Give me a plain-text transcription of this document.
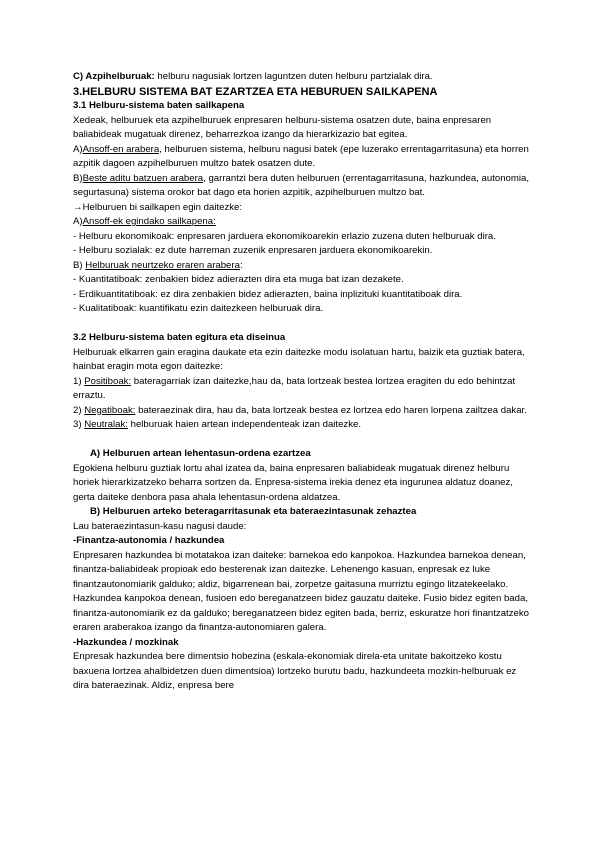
C) Azpihelburuak: helburu nagusiak lortzen laguntzen duten helburu partzialak dira.
3.HELBURU SISTEMA BAT EZARTZEA ETA HEBURUEN SAILKAPENA
3.1 Helburu-sistema baten sailkapena
Xedeak, helburuek eta azpihelburuek enpresaren helburu-sistema osatzen dute, baina enpresaren baliabideak mugatuak direnez, beharrezkoa izango da hierarkizazio bat egitea.
A)Ansoff-en arabera, helburuen sistema, helburu nagusi batek (epe luzerako errentagarritasuna) eta horren azpitik dagoen azpihelburuen multzo batek osatzen dute.
B)Beste aditu batzuen arabera, garrantzi bera duten helburuen (errentagarritasuna, hazkundea, autonomia, segurtasuna) sistema orokor bat dago eta horien azpitik, azpihelburuen multzo bat.
→Helburuen bi sailkapen egin daitezke:
A)Ansoff-ek egindako sailkapena:
- Helburu ekonomikoak: enpresaren jarduera ekonomikoarekin erlazio zuzena duten helburuak dira.
- Helburu sozialak: ez dute harreman zuzenik enpresaren jarduera ekonomikoarekin.
B) Helburuak neurtzeko eraren arabera:
- Kuantitatiboak: zenbakien bidez adierazten dira eta muga bat izan dezakete.
- Erdikuantitatiboak: ez dira zenbakien bidez adierazten, baina inplizituki kuantitatiboak dira.
- Kualitatiboak: kuantifikatu ezin daitezkeen helburuak dira.
3.2 Helburu-sistema baten egitura eta diseinua
Helburuak elkarren gain eragina daukate eta ezin daitezke modu isolatuan hartu, baizik eta guztiak batera, hainbat eragin mota egon daitezke:
1) Positiboak: bateragarriak izan daitezke,hau da, bata lortzeak bestea lortzea eragiten du edo behintzat erraztu.
2) Negatiboak: bateraezinak dira, hau da, bata lortzeak bestea ez lortzea edo haren lorpena zailtzea dakar.
3) Neutralak: helburuak haien artean independenteak izan daitezke.
A) Helburuen artean lehentasun-ordena ezartzea
Egokiena helburu guztiak lortu ahal izatea da, baina enpresaren baliabideak mugatuak direnez helburu horiek hierarkizatzeko beharra sortzen da. Enpresa-sistema irekia denez eta ingurunea aldatuz doanez, gerta daiteke denbora pasa ahala lehentasun-ordena aldatzea.
B) Helburuen arteko beteragarritasunak eta bateraezintasunak zehaztea
Lau bateraezintasun-kasu nagusi daude:
-Finantza-autonomia / hazkundea
Enpresaren hazkundea bi motatakoa izan daiteke: barnekoa edo kanpokoa. Hazkundea barnekoa denean, finantza-baliabideak propioak edo besterenak izan daitezke. Lehenengo kasuan, enpresak ez luke finantzautonomiarik galduko; aldiz, bigarrenean bai, zorpetze gaitasuna murriztu egingo litzatekeelako. Hazkundea kanpokoa denean, fusioen edo bereganatzeen bidez gauzatu daiteke. Fusio bidez egiten bada, finantza-autonomiarik ez da galduko; bereganatzeen bidez egiten bada, berriz, eskuratze hori finantzatzeko eraren araberakoa izango da finantza-autonomiaren galera.
-Hazkundea / mozkinak
Enpresak hazkundea bere dimentsio hobezina (eskala-ekonomiak direla-eta unitate bakoitzeko kostu baxuena lortzea ahalbidetzen duen dimentsioa) lortzeko burutu badu, hazkundeeta mozkin-helburuak ez dira bateraezinak. Aldiz, enpresa bere
